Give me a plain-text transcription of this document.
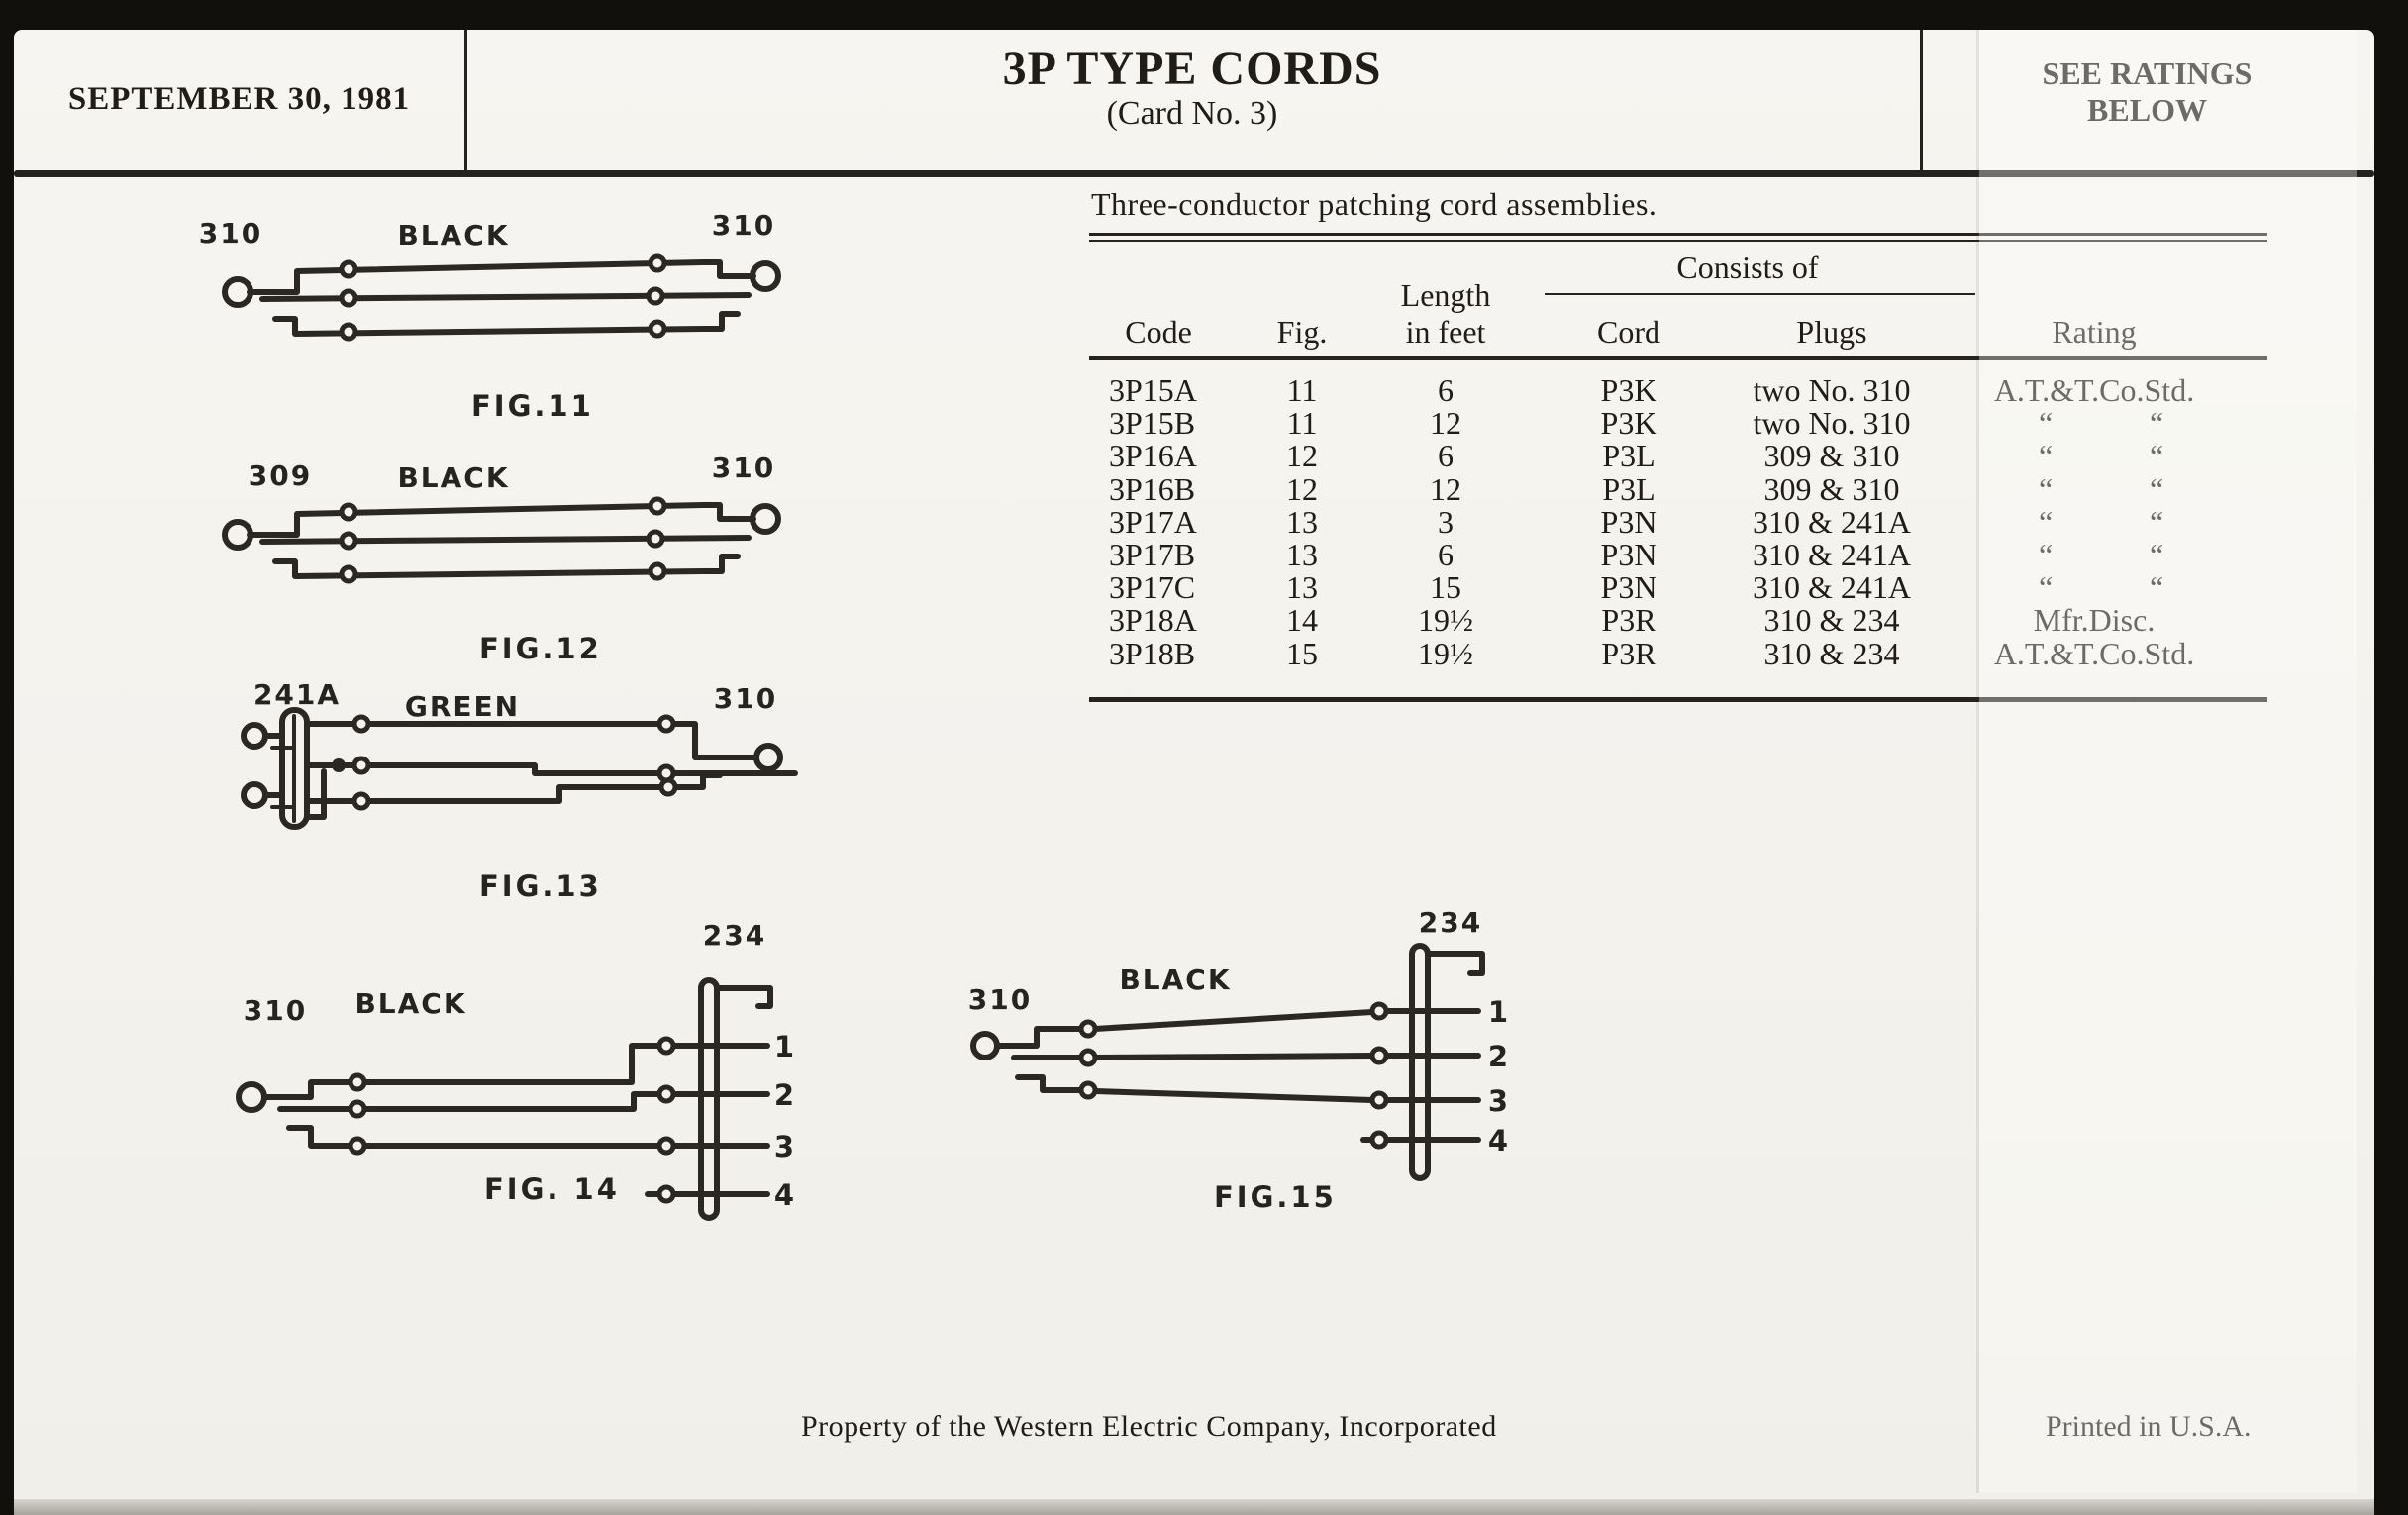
SEPTEMBER 30, 1981
3P TYPE CORDS
(Card No. 3)
SEE RATINGS
BELOW
Three-conductor patching cord assemblies.
Consists of
Code	Fig.
Length
in feet	Cord	Plugs	Rating
3P15A	11	6	P3K	two No. 310	A.T.&T.Co.Std.
3P15B	11	12	P3K	two No. 310	“	“
3P16A	12	6	P3L	309 & 310	“	“
3P16B	12	12	P3L	309 & 310	“	“
3P17A	13	3	P3N	310 & 241A	“	“
3P17B	13	6	P3N	310 & 241A	“	“
3P17C	13	15	P3N	310 & 241A	“	“
3P18A	14	19½	P3R	310 & 234	Mfr.Disc.
3P18B	15	19½	P3R	310 & 234	A.T.&T.Co.Std.
310	BLACK	310
FIG.11
309	BLACK	310
FIG.12
241A GREEN	310
FIG.13
310 BLACK
234
1
2
3
4
FIG. 14
310
BLACK
234
1
2
3
4
FIG.15
Property of the Western Electric Company, Incorporated	Printed in U.S.A.
